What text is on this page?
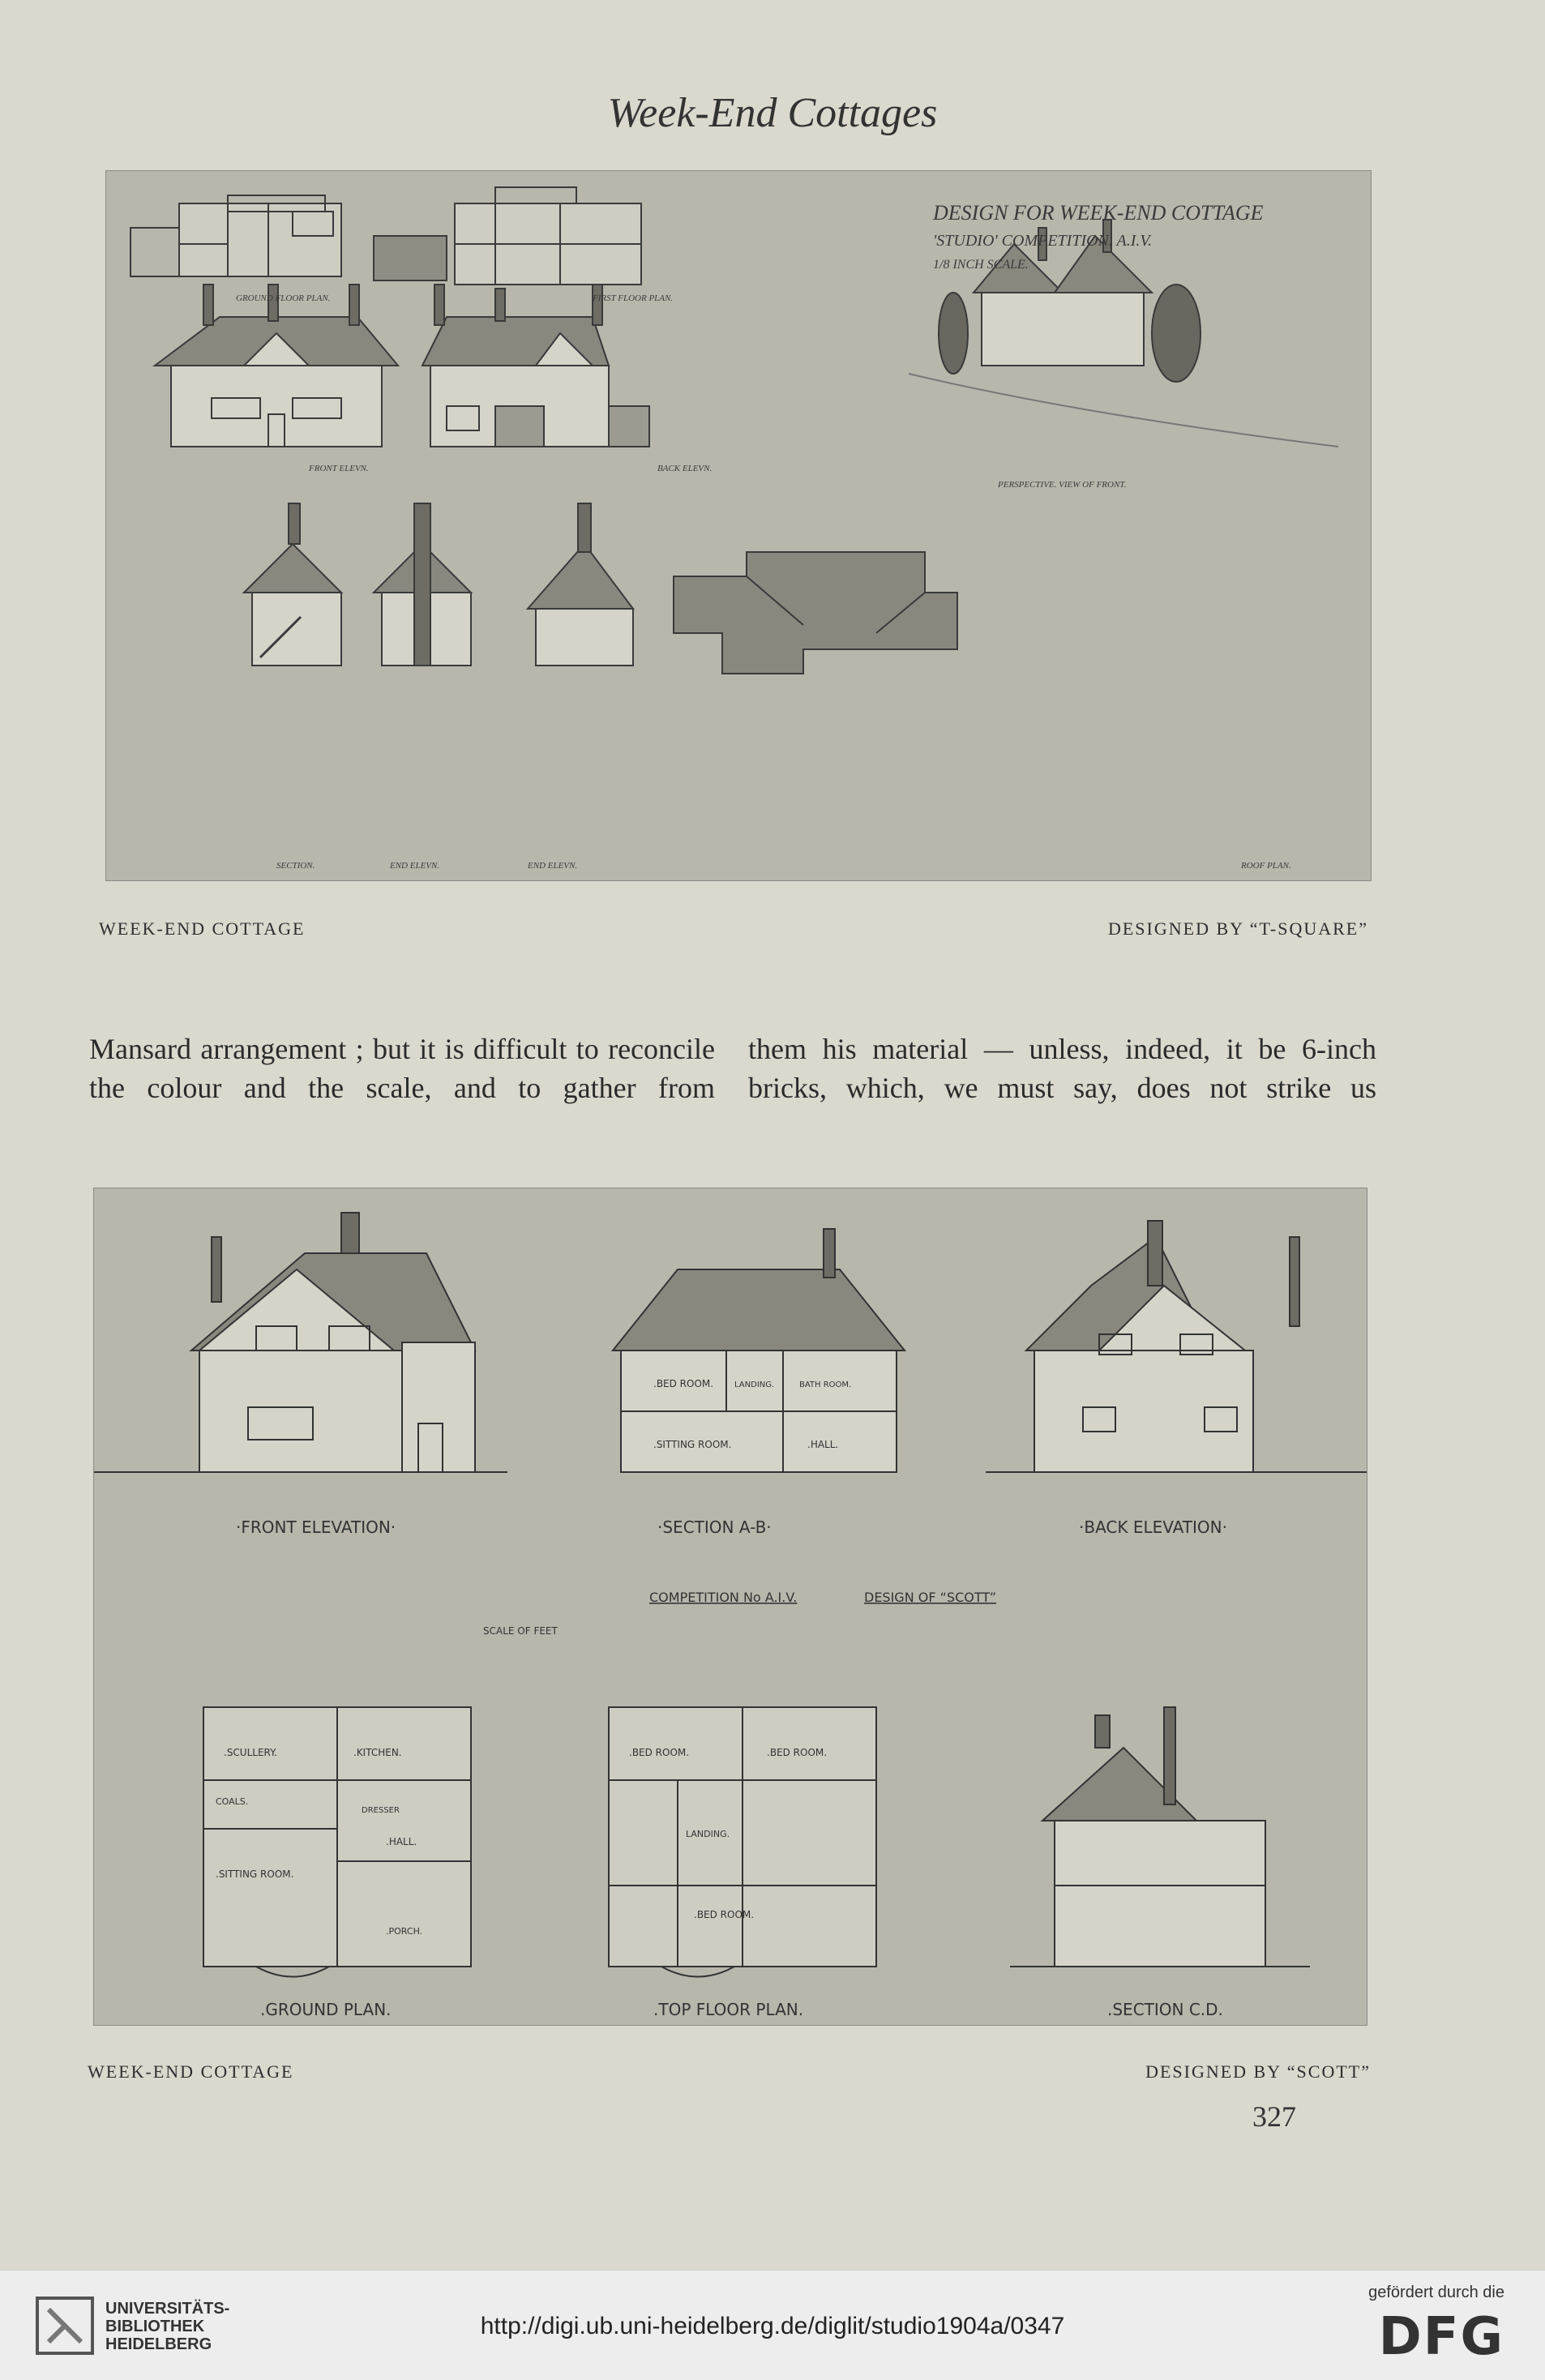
Week-End Cottages
DESIGN FOR WEEK-END COTTAGE
'STUDIO' COMPETITION. A.I.V.
1/8 INCH SCALE.
GROUND FLOOR PLAN.	FIRST FLOOR PLAN.
FRONT ELEVN.	BACK ELEVN.
PERSPECTIVE. VIEW OF FRONT.
SECTION.	END ELEVN.	END ELEVN.	ROOF PLAN.
WEEK-END COTTAGE	DESIGNED BY “T-SQUARE”

Mansard arrangement ; but it is difficult to reconcile the colour and the scale, and to gather from

them his material — unless, indeed, it be 6-inch bricks, which, we must say, does not strike us

·FRONT ELEVATION·	·SECTION A-B·	·BACK ELEVATION·
COMPETITION No A.I.V.	DESIGN OF “SCOTT”
SCALE OF FEET
.GROUND PLAN.	.TOP FLOOR PLAN.	.SECTION C.D.
.BED ROOM.	LANDING.	BATH ROOM.
.SITTING ROOM.	.HALL.
.SCULLERY.	.KITCHEN.
COALS.
DRESSER
.SITTING ROOM.
.HALL.
.PORCH.
.BED ROOM.	.BED ROOM.
LANDING.
.BED ROOM.
WEEK-END COTTAGE	DESIGNED BY “SCOTT”
327
UNIVERSITÄTS-
BIBLIOTHEK
HEIDELBERG
http://digi.ub.uni-heidelberg.de/diglit/studio1904a/0347
gefördert durch die
DFG
